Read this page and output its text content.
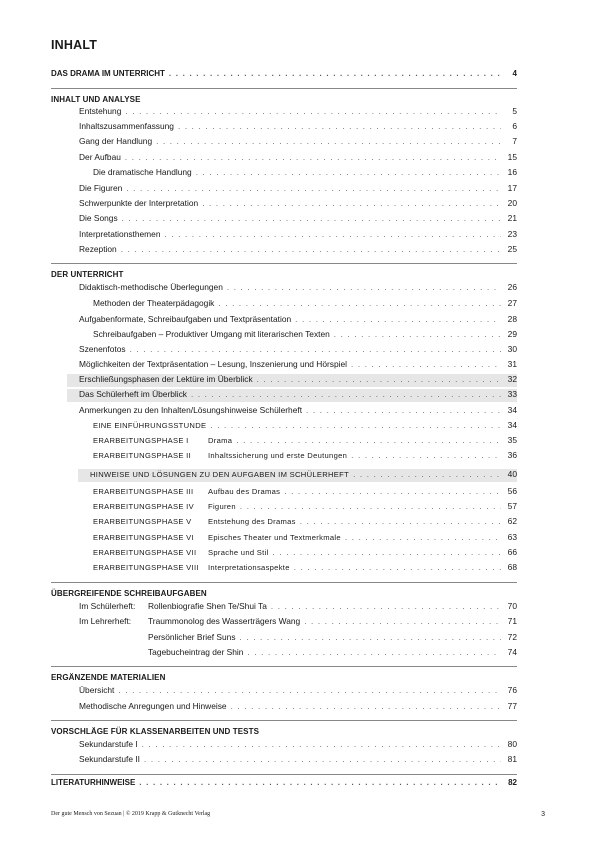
INHALT
DAS DRAMA IM UNTERRICHT . . .	4
INHALT UND ANALYSE
Entstehung . . .	5
Inhaltszusammenfassung . . .	6
Gang der Handlung . . .	7
Der Aufbau . . .	15
Die dramatische Handlung . . .	16
Die Figuren . . .	17
Schwerpunkte der Interpretation . . .	20
Die Songs . . .	21
Interpretationsthemen . . .	23
Rezeption . . .	25
DER UNTERRICHT
Didaktisch-methodische Überlegungen . . .	26
Methoden der Theaterpädagogik . . .	27
Aufgabenformate, Schreibaufgaben und Textpräsentation . . .	28
Schreibaufgaben – Produktiver Umgang mit literarischen Texten . . .	29
Szenenfotos . . .	30
Möglichkeiten der Textpräsentation – Lesung, Inszenierung und Hörspiel . . .	31
Erschließungsphasen der Lektüre im Überblick . . .	32
Das Schülerheft im Überblick . . .	33
Anmerkungen zu den Inhalten/Lösungshinweise Schülerheft . . .	34
EINE EINFÜHRUNGSSTUNDE . . .	34
ERARBEITUNGSPHASE I	Drama . . .	35
ERARBEITUNGSPHASE II	Inhaltssicherung und erste Deutungen . . .	36
HINWEISE UND LÖSUNGEN ZU DEN AUFGABEN IM SCHÜLERHEFT . . .	40
ERARBEITUNGSPHASE III	Aufbau des Dramas . . .	56
ERARBEITUNGSPHASE IV	Figuren . . .	57
ERARBEITUNGSPHASE V	Entstehung des Dramas . . .	62
ERARBEITUNGSPHASE VI	Episches Theater und Textmerkmale . . .	63
ERARBEITUNGSPHASE VII	Sprache und Stil . . .	66
ERARBEITUNGSPHASE VIII	Interpretationsaspekte . . .	68
ÜBERGREIFENDE SCHREIBAUFGABEN
Im Schülerheft:	Rollenbiografie Shen Te/Shui Ta . . .	70
Im Lehrerheft:	Traummonolog des Wasserträgers Wang . . .	71
Persönlicher Brief Suns . . .	72
Tagebucheintrag der Shin . . .	74
ERGÄNZENDE MATERIALIEN
Übersicht . . .	76
Methodische Anregungen und Hinweise . . .	77
VORSCHLÄGE FÜR KLASSENARBEITEN UND TESTS
Sekundarstufe I . . .	80
Sekundarstufe II . . .	81
LITERATURHINWEISE . . .	82
Der gute Mensch von Sezuan | © 2019 Krapp & Gutknecht Verlag	3
